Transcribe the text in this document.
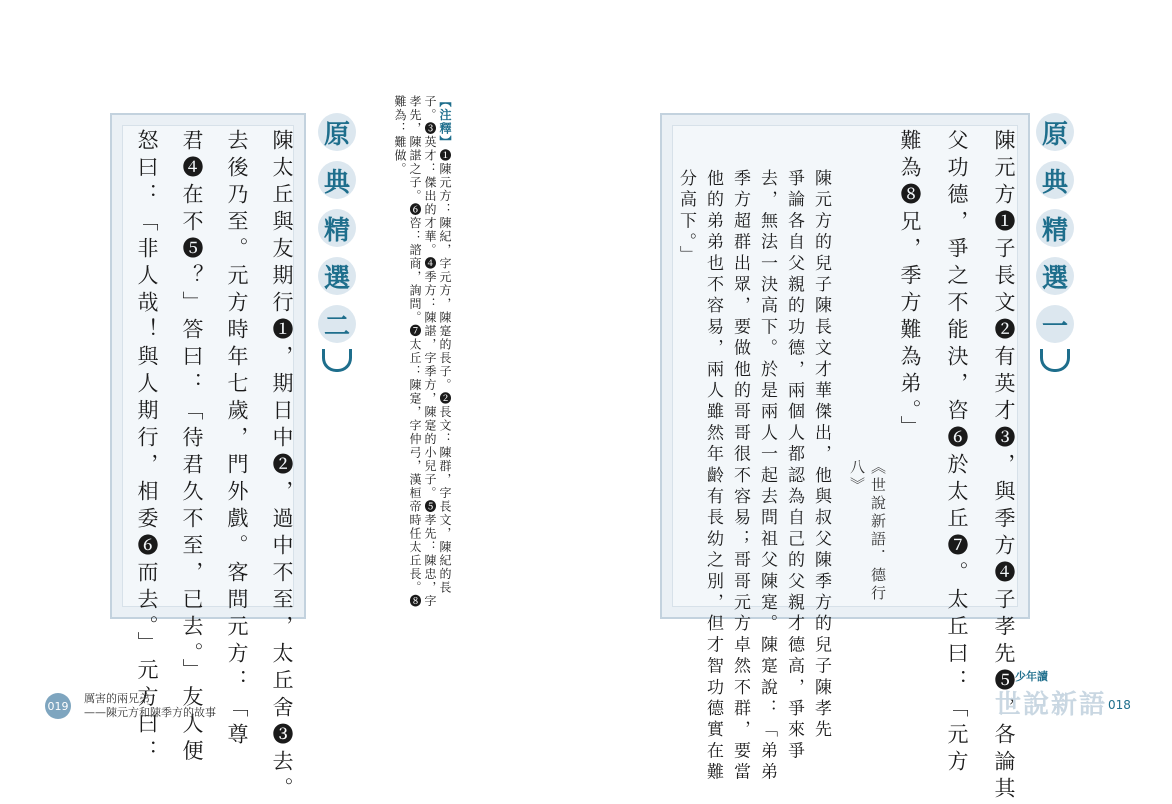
陳太丘與友期行❶，期日中❷，過中不至，太丘舍❸去。
去後乃至。元方時年七歲，門外戲。客問元方：「尊
君❹在不❺？」答曰：「待君久不至，已去。」友人便
怒曰：「非人哉！與人期行，相委❻而去。」元方曰：	原
典
精
選
二
【注釋】❶陳元方：陳紀，字元方，陳寔的長子。❷長文：陳群，字長文，陳紀的長子。❸英才：傑出的才華。❹季方：陳諶，字季方，陳寔的小兒子。❺孝先：陳忠，字孝先，陳諶之子。❻咨：諮商，詢問。❼太丘：陳寔，字仲弓，漢桓帝時任太丘長。❽難為：難做。
019
厲害的兩兄弟
——陳元方和陳季方的故事	陳元方❶子長文❷有英才❸，與季方❹子孝先❺，各論其
父功德，爭之不能決，咨❻於太丘❼。太丘曰：「元方
難為❽兄，季方難為弟。」
《世說新語．德行八》
陳元方的兒子陳長文才華傑出，他與叔父陳季方的兒子陳孝先
爭論各自父親的功德，兩個人都認為自己的父親才德高，爭來爭
去，無法一決高下。於是兩人一起去問祖父陳寔。陳寔說：「弟弟
季方超群出眾，要做他的哥哥很不容易；哥哥元方卓然不群，要當
他的弟弟也不容易，兩人雖然年齡有長幼之別，但才智功德實在難
分高下。」
原
典
精
選
一
少年讀
世說新語 018
